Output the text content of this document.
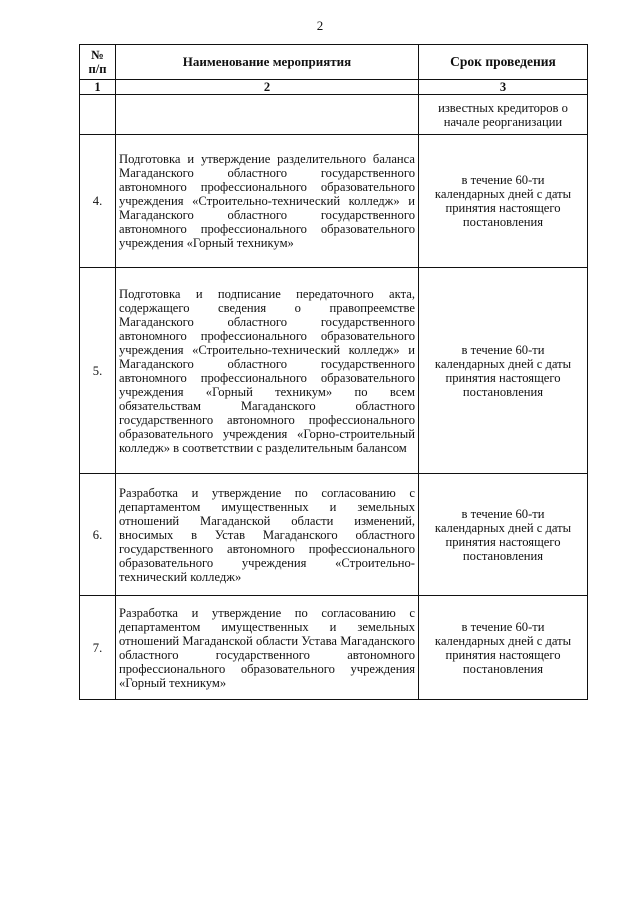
2
№
п/п	Наименование мероприятия	Срок проведения
1	2	3
		известных кредиторов о начале реорганизации
4.	Подготовка и утверждение разделительного баланса Магаданского областного государственного автономного профессионального образовательного учреждения «Строительно-технический колледж» и Магаданского областного государственного автономного профессионального образовательного учреждения «Горный техникум»	в течение 60-ти календарных дней с даты принятия настоящего постановления
5.	Подготовка и подписание передаточного акта, содержащего сведения о правопреемстве Магаданского областного государственного автономного профессионального образовательного учреждения «Строительно-технический колледж» и Магаданского областного государственного автономного профессионального образовательного учреждения «Горный техникум» по всем обязательствам Магаданского областного государственного автономного профессионального образовательного учреждения «Горно-строительный колледж» в соответствии с разделительным балансом	в течение 60-ти календарных дней с даты принятия настоящего постановления
6.	Разработка и утверждение по согласованию с департаментом имущественных и земельных отношений Магаданской области изменений, вносимых в Устав Магаданского областного государственного автономного профессионального образовательного учреждения «Строительно-технический колледж»	в течение 60-ти календарных дней с даты принятия настоящего постановления
7.	Разработка и утверждение по согласованию с департаментом имущественных и земельных отношений Магаданской области Устава Магаданского областного государственного автономного профессионального образовательного учреждения «Горный техникум»	в течение 60-ти календарных дней с даты принятия настоящего постановления
